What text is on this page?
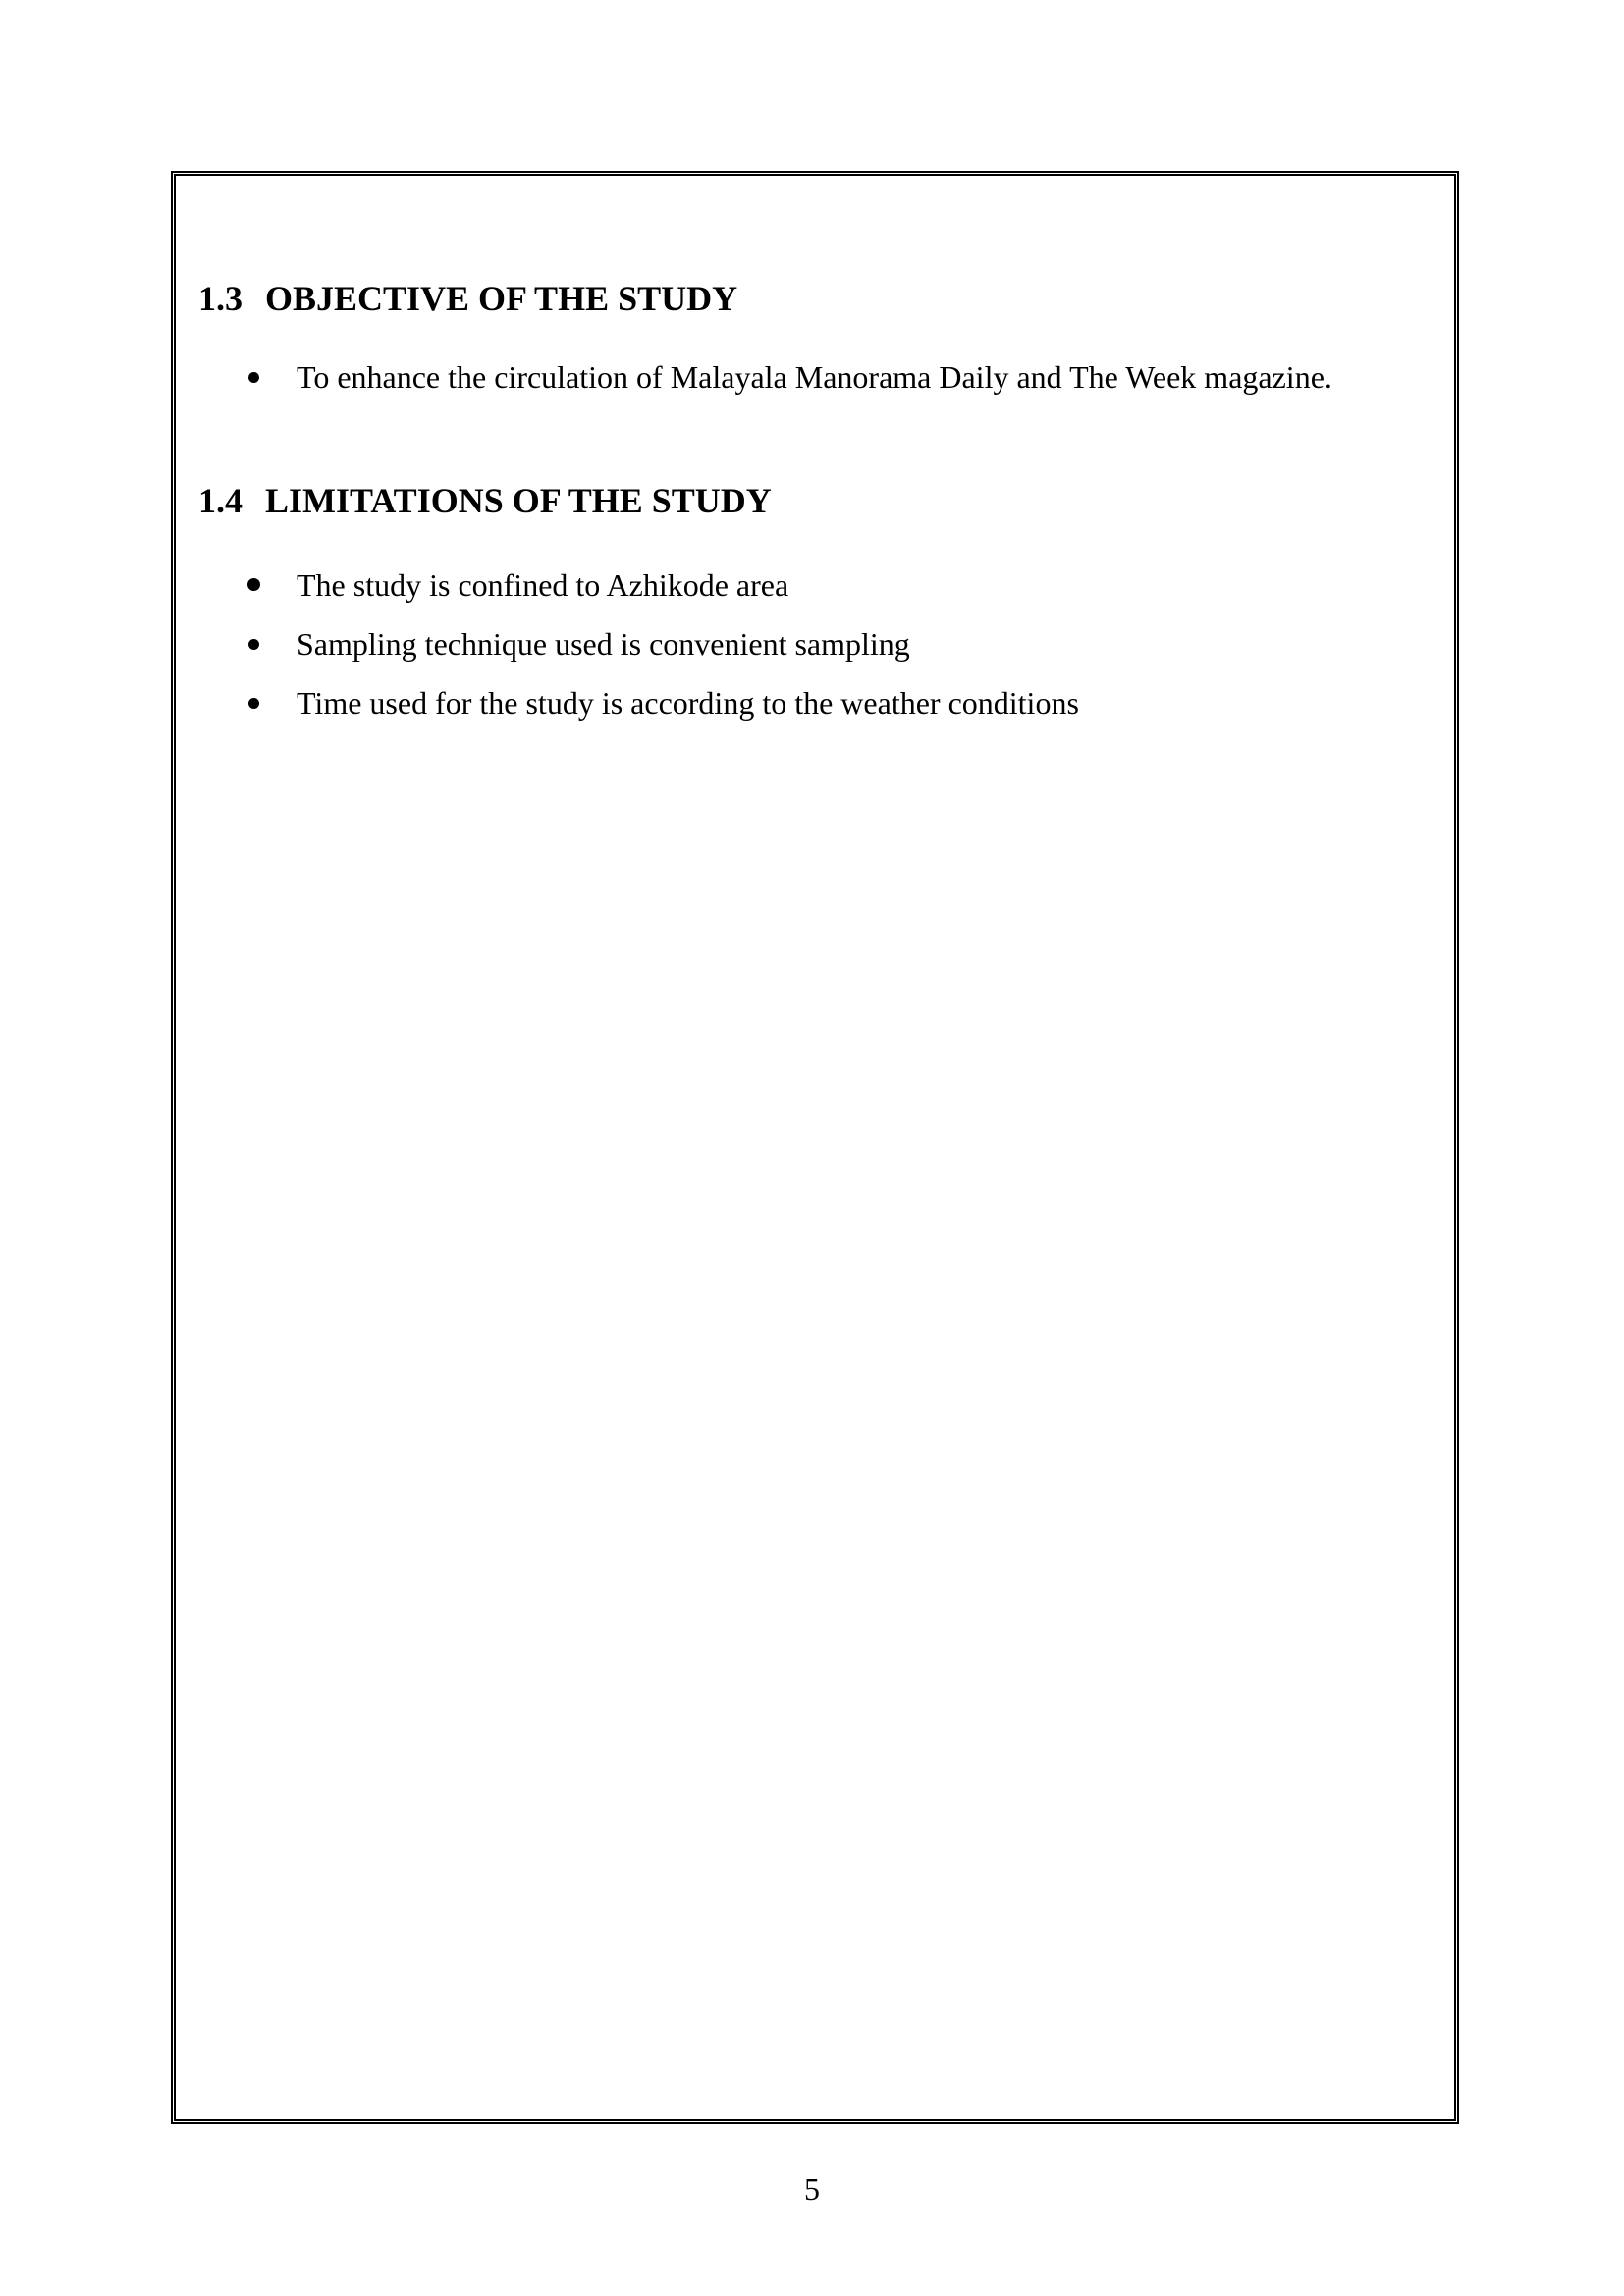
1.3 OBJECTIVE OF THE STUDY
To enhance the circulation of Malayala Manorama Daily and The Week magazine.
1.4 LIMITATIONS OF THE STUDY
The study is confined to Azhikode area
Sampling technique used is convenient sampling
Time used for the study is according to the weather conditions
5
